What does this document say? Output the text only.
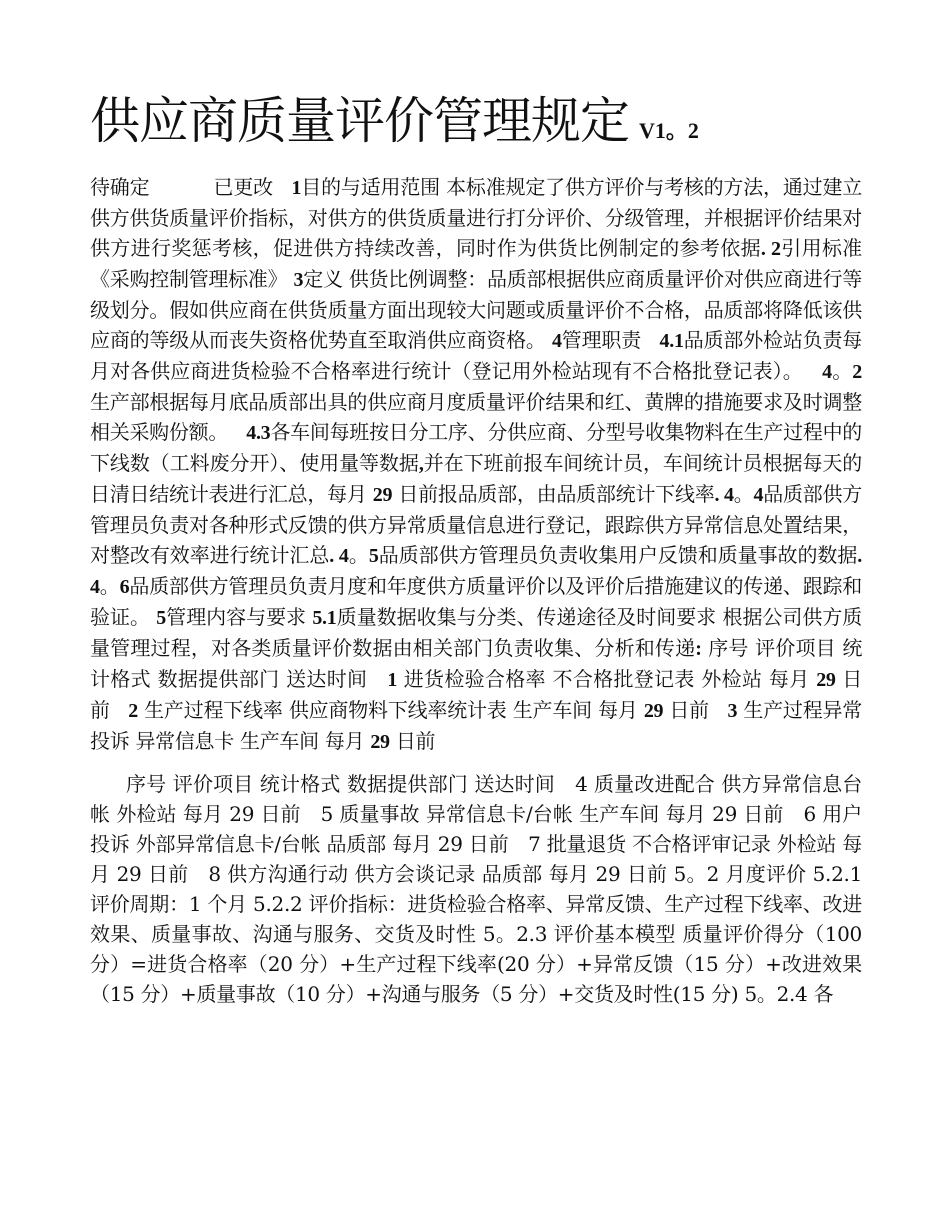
供应商质量评价管理规定 V1。2

待确定	已更改 1目的与适用范围 本标准规定了供方评价与考核的方法，通过建立供方供货质量评价指标，对供方的供货质量进行打分评价、分级管理，并根据评价结果对供方进行奖惩考核，促进供方持续改善，同时作为供货比例制定的参考依据. 2引用标准 《采购控制管理标准》 3定义 供货比例调整：品质部根据供应商质量评价对供应商进行等级划分。假如供应商在供货质量方面出现较大问题或质量评价不合格，品质部将降低该供应商的等级从而丧失资格优势直至取消供应商资格。 4管理职责 4.1品质部外检站负责每月对各供应商进货检验不合格率进行统计（登记用外检站现有不合格批登记表）。 4。2生产部根据每月底品质部出具的供应商月度质量评价结果和红、黄牌的措施要求及时调整相关采购份额。 4.3各车间每班按日分工序、分供应商、分型号收集物料在生产过程中的下线数（工料废分开）、使用量等数据,并在下班前报车间统计员，车间统计员根据每天的日清日结统计表进行汇总，每月 29 日前报品质部，由品质部统计下线率. 4。4品质部供方管理员负责对各种形式反馈的供方异常质量信息进行登记，跟踪供方异常信息处置结果，对整改有效率进行统计汇总. 4。5品质部供方管理员负责收集用户反馈和质量事故的数据. 4。6品质部供方管理员负责月度和年度供方质量评价以及评价后措施建议的传递、跟踪和验证。 5管理内容与要求 5.1质量数据收集与分类、传递途径及时间要求 根据公司供方质量管理过程，对各类质量评价数据由相关部门负责收集、分析和传递: 序号 评价项目 统计格式 数据提供部门 送达时间 1 进货检验合格率 不合格批登记表 外检站 每月 29 日前 2 生产过程下线率 供应商物料下线率统计表 生产车间 每月 29 日前 3 生产过程异常投诉 异常信息卡 生产车间 每月 29 日前

序号 评价项目 统计格式 数据提供部门 送达时间　4 质量改进配合 供方异常信息台帐 外检站 每月 29 日前　5 质量事故 异常信息卡/台帐 生产车间 每月 29 日前　6 用户投诉 外部异常信息卡/台帐 品质部 每月 29 日前　7 批量退货 不合格评审记录 外检站 每月 29 日前　8 供方沟通行动 供方会谈记录 品质部 每月 29 日前 5。2 月度评价 5.2.1 评价周期：1 个月 5.2.2 评价指标：进货检验合格率、异常反馈、生产过程下线率、改进效果、质量事故、沟通与服务、交货及时性 5。2.3 评价基本模型 质量评价得分（100 分）=进货合格率（20 分）+生产过程下线率(20 分）+异常反馈（15 分）+改进效果（15 分）+质量事故（10 分）+沟通与服务（5 分）+交货及时性(15 分) 5。2.4 各
